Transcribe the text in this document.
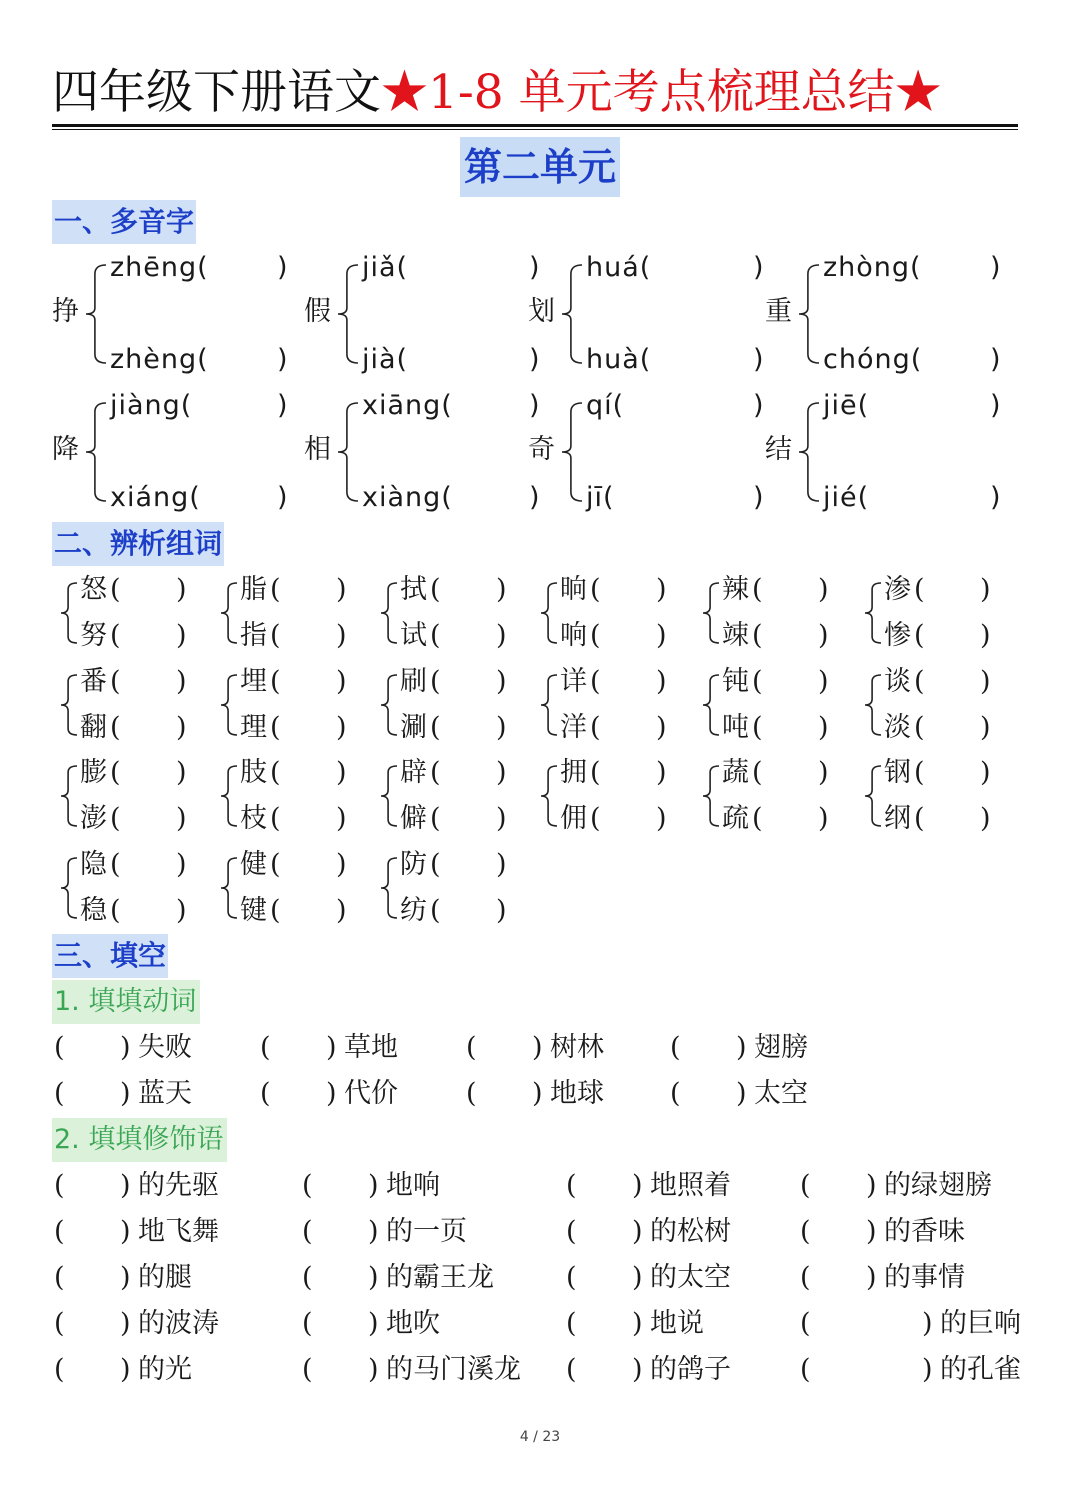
四年级下册语文★1-8 单元考点梳理总结★
第二单元
一、多音字
挣
zhēng(	)
zhèng(	)
假
jiǎ(	)
jià(	)
划
huá(	)
huà(	)
重
zhòng(	)
chóng(	)
降
jiàng(	)
xiáng(	)
相
xiāng(	)
xiàng(	)
奇
qí(	)
jī(	)
结
jiē(	)
jié(	)
二、辨析组词
怒 ( )
努 ( )
脂 ( )
指 ( )
拭 ( )
试 ( )
晌 ( )
响 ( )
辣 ( )
竦 ( )
渗 ( )
惨 ( )
番 ( )
翻 ( )
埋 ( )
理 ( )
刷 ( )
涮 ( )
详 ( )
洋 ( )
钝 ( )
吨 ( )
谈 ( )
淡 ( )
膨 ( )
澎 ( )
肢 ( )
枝 ( )
辟 ( )
僻 ( )
拥 ( )
佣 ( )
蔬 ( )
疏 ( )
钢 ( )
纲 ( )
隐 ( )
稳 ( )
健 ( )
键 ( )
防 ( )
纺 ( )
三、填空
1. 填填动词
( ) 失败	( ) 草地	( ) 树林 ( ) 翅膀
( ) 蓝天	( ) 代价	( ) 地球 ( ) 太空
2. 填填修饰语
( ) 的先驱	( ) 地响	( ) 地照着	( ) 的绿翅膀
( ) 地飞舞	( ) 的一页	( ) 的松树	( ) 的香味
( ) 的腿	( ) 的霸王龙	( ) 的太空	( ) 的事情
( ) 的波涛	( ) 地吹	( ) 地说	(	) 的巨响
( ) 的光	( ) 的马门溪龙 ( ) 的鸽子	(	) 的孔雀
4 / 23
